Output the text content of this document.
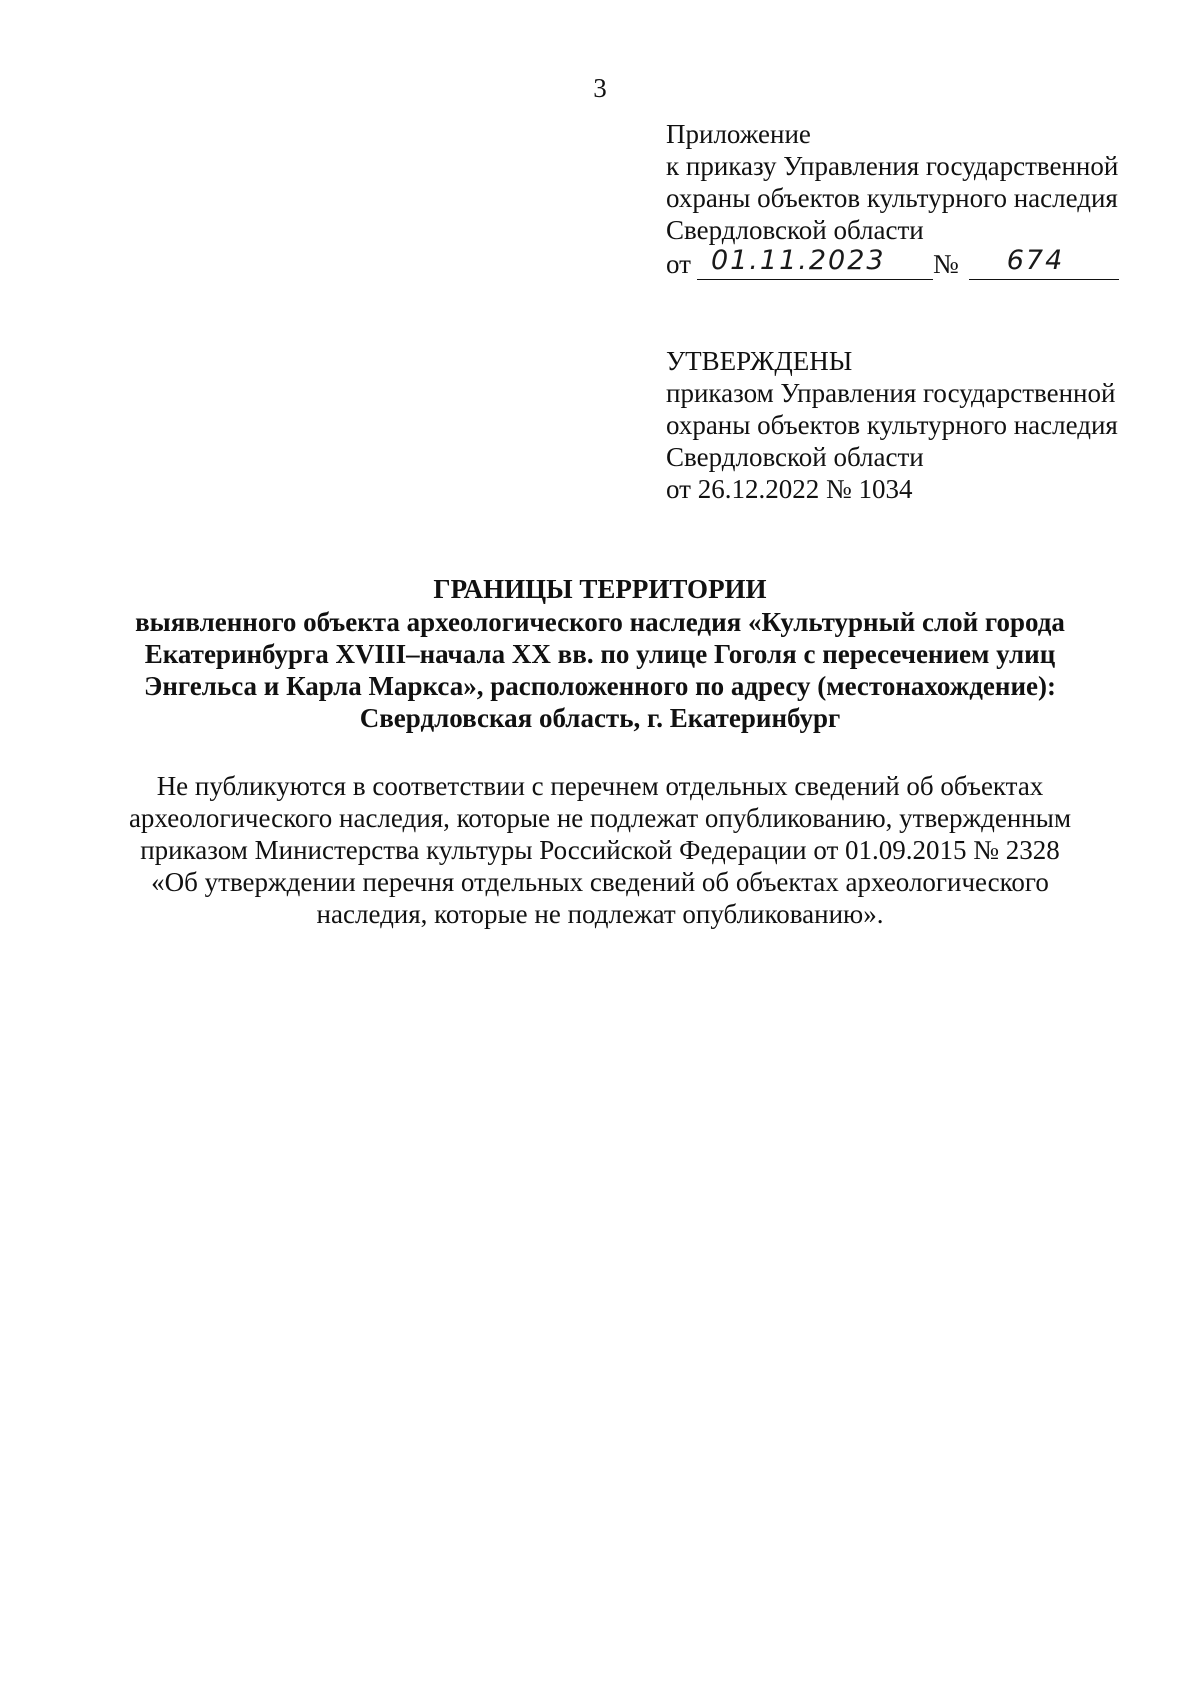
3
Приложение
к приказу Управления государственной
охраны объектов культурного наследия
Свердловской области
от 01.11.2023 № 674
УТВЕРЖДЕНЫ
приказом Управления государственной
охраны объектов культурного наследия
Свердловской области
от 26.12.2022 № 1034
ГРАНИЦЫ ТЕРРИТОРИИ
выявленного объекта археологического наследия «Культурный слой города
Екатеринбурга XVIII–начала XX вв. по улице Гоголя с пересечением улиц
Энгельса и Карла Маркса», расположенного по адресу (местонахождение):
Свердловская область, г. Екатеринбург
Не публикуются в соответствии с перечнем отдельных сведений об объектах
археологического наследия, которые не подлежат опубликованию, утвержденным
приказом Министерства культуры Российской Федерации от 01.09.2015 № 2328
«Об утверждении перечня отдельных сведений об объектах археологического
наследия, которые не подлежат опубликованию».
